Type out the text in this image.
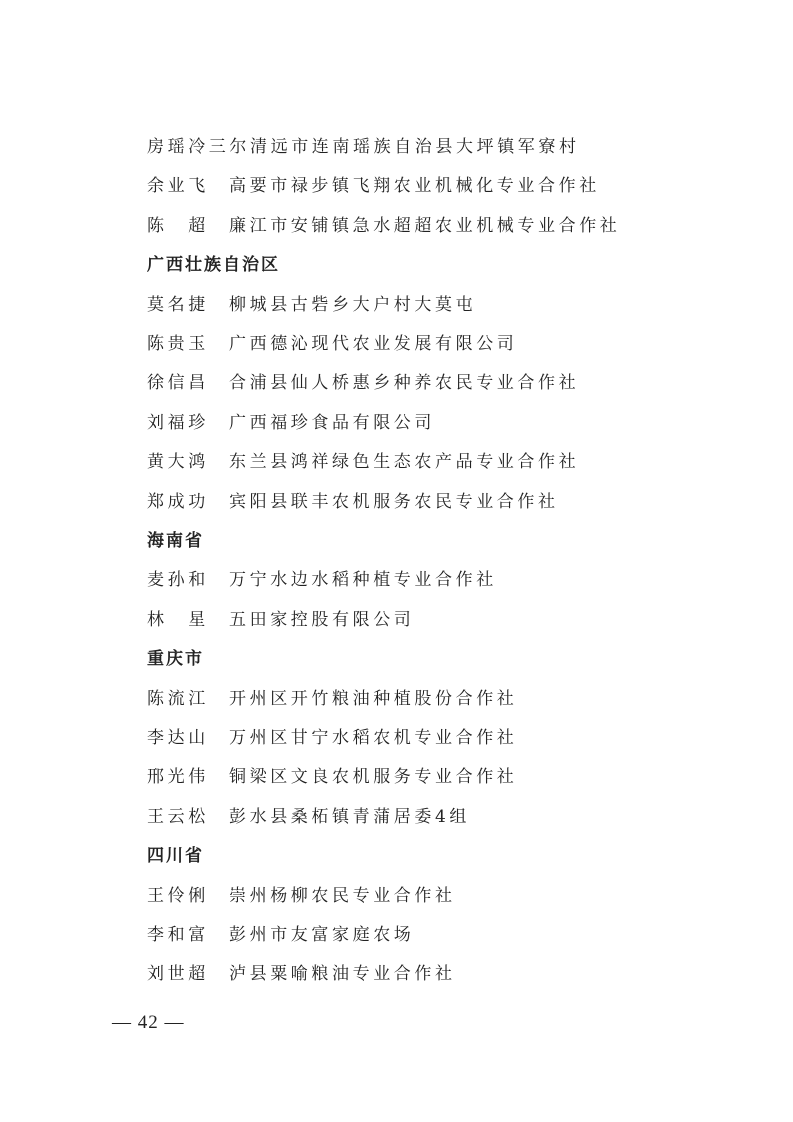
房瑶冷三尔 清远市连南瑶族自治县大坪镇军寮村
余业飞 高要市禄步镇飞翔农业机械化专业合作社
陈　超 廉江市安铺镇急水超超农业机械专业合作社
广西壮族自治区
莫名捷 柳城县古砦乡大户村大莫屯
陈贵玉 广西德沁现代农业发展有限公司
徐信昌 合浦县仙人桥惠乡种养农民专业合作社
刘福珍 广西福珍食品有限公司
黄大鸿 东兰县鸿祥绿色生态农产品专业合作社
郑成功 宾阳县联丰农机服务农民专业合作社
海南省
麦孙和 万宁水边水稻种植专业合作社
林　星 五田家控股有限公司
重庆市
陈流江 开州区开竹粮油种植股份合作社
李达山 万州区甘宁水稻农机专业合作社
邢光伟 铜梁区文良农机服务专业合作社
王云松 彭水县桑柘镇青蒲居委4组
四川省
王伶俐 崇州杨柳农民专业合作社
李和富 彭州市友富家庭农场
刘世超 泸县粟喻粮油专业合作社
— 42 —
